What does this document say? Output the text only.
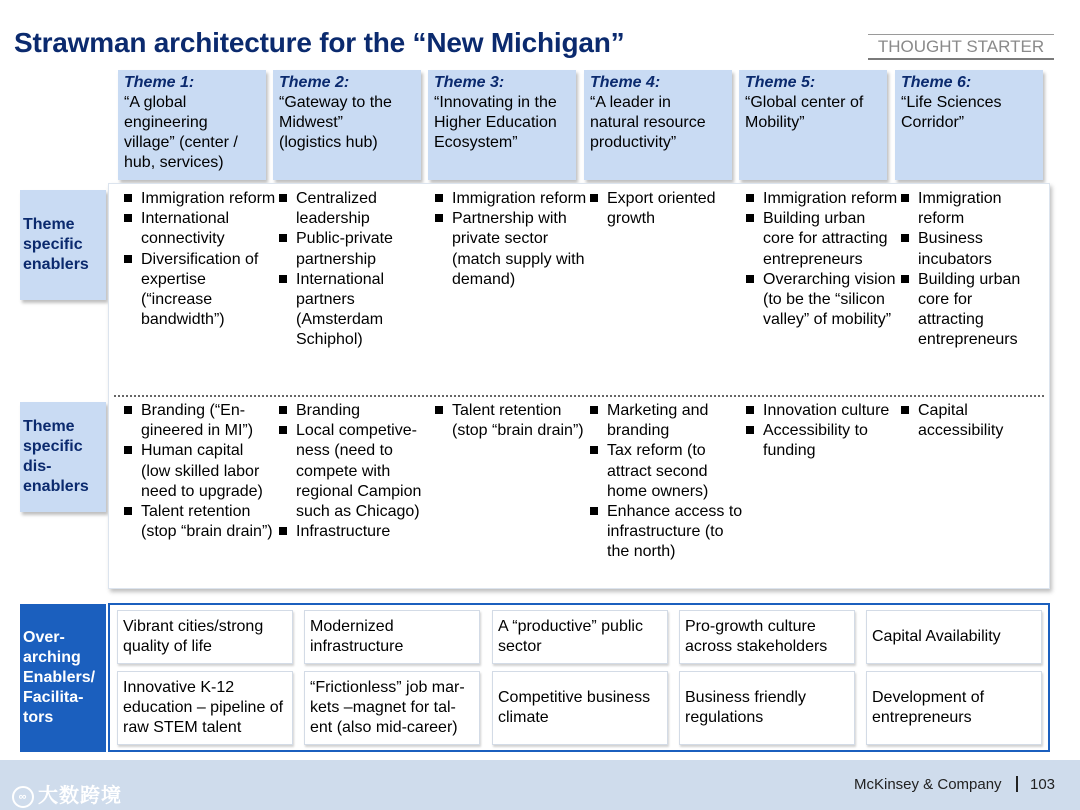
Strawman architecture for the “New Michigan”	THOUGHT STARTER
Theme 1:
“A global
engineering
village” (center /
hub, services)
Theme 2:
“Gateway to the
Midwest”
(logistics hub)
Theme 3:
“Innovating in the
Higher Education
Ecosystem”
Theme 4:
“A leader in
natural resource
productivity”
Theme 5:
“Global center of
Mobility”
Theme 6:
“Life Sciences
Corridor”
Theme
specific
enablers
Theme
specific
dis-
enablers
Immigration reform
International connectivity
Diversification of expertise (“increase bandwidth”)
Centralized leadership
Public-private partnership
International partners (Amsterdam Schiphol)
Immigration reform
Partnership with private sector (match supply with demand)
Export oriented growth
Immigration reform
Building urban core for attracting entrepreneurs
Overarching vision (to be the “silicon valley” of mobility”
Immigration reform
Business incubators
Building urban core for attracting entrepreneurs
Branding (“En-gineered in MI”)
Human capital (low skilled labor need to upgrade)
Talent retention (stop “brain drain”)
Branding
Local competive-ness (need to compete with regional Campion such as Chicago)
Infrastructure
Talent retention (stop “brain drain”)
Marketing and branding
Tax reform (to attract second home owners)
Enhance access to infrastructure (to the north)
Innovation culture
Accessibility to funding
Capital accessibility
Over-
arching
Enablers/
Facilita-
tors
Vibrant cities/strong quality of life
Modernized infrastructure
A “productive” public sector
Pro-growth culture across stakeholders
Capital Availability
Innovative K-12 education – pipeline of raw STEM talent
“Frictionless” job mar-kets –magnet for tal-ent (also mid-career)
Competitive business climate
Business friendly regulations
Development of entrepreneurs
∞ 大数跨境
McKinsey & Company 103
